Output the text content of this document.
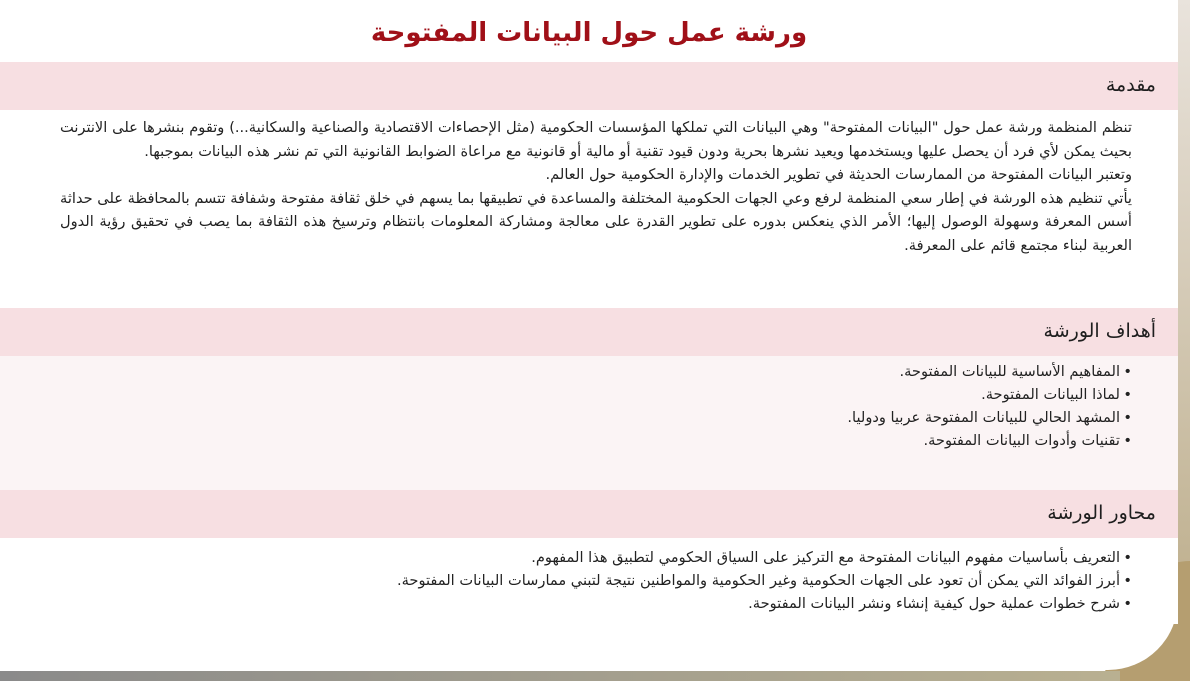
ورشة عمل حول البيانات المفتوحة
مقدمة

تنظم المنظمة ورشة عمل حول "البيانات المفتوحة" وهي البيانات التي تملكها المؤسسات الحكومية (مثل الإحصاءات الاقتصادية والصناعية والسكانية...) وتقوم بنشرها على الانترنت بحيث يمكن لأي فرد أن يحصل عليها ويستخدمها ويعيد نشرها بحرية ودون قيود تقنية أو مالية أو قانونية مع مراعاة الضوابط القانونية التي تم نشر هذه البيانات بموجبها.

وتعتبر البيانات المفتوحة من الممارسات الحديثة في تطوير الخدمات والإدارة الحكومية حول العالم.

يأتي تنظيم هذه الورشة في إطار سعي المنظمة لرفع وعي الجهات الحكومية المختلفة والمساعدة في تطبيقها بما يسهم في خلق ثقافة مفتوحة وشفافة تتسم بالمحافظة على حداثة أسس المعرفة وسهولة الوصول إليها؛ الأمر الذي ينعكس بدوره على تطوير القدرة على معالجة ومشاركة المعلومات بانتظام وترسيخ هذه الثقافة بما يصب في تحقيق رؤية الدول العربية لبناء مجتمع قائم على المعرفة.

أهداف الورشة
• المفاهيم الأساسية للبيانات المفتوحة.
• لماذا البيانات المفتوحة.
• المشهد الحالي للبيانات المفتوحة عربيا ودوليا.
• تقنيات وأدوات البيانات المفتوحة.
محاور الورشة
• التعريف بأساسيات مفهوم البيانات المفتوحة مع التركيز على السياق الحكومي لتطبيق هذا المفهوم.
• أبرز الفوائد التي يمكن أن تعود على الجهات الحكومية وغير الحكومية والمواطنين نتيجة لتبني ممارسات البيانات المفتوحة.
• شرح خطوات عملية حول كيفية إنشاء ونشر البيانات المفتوحة.
